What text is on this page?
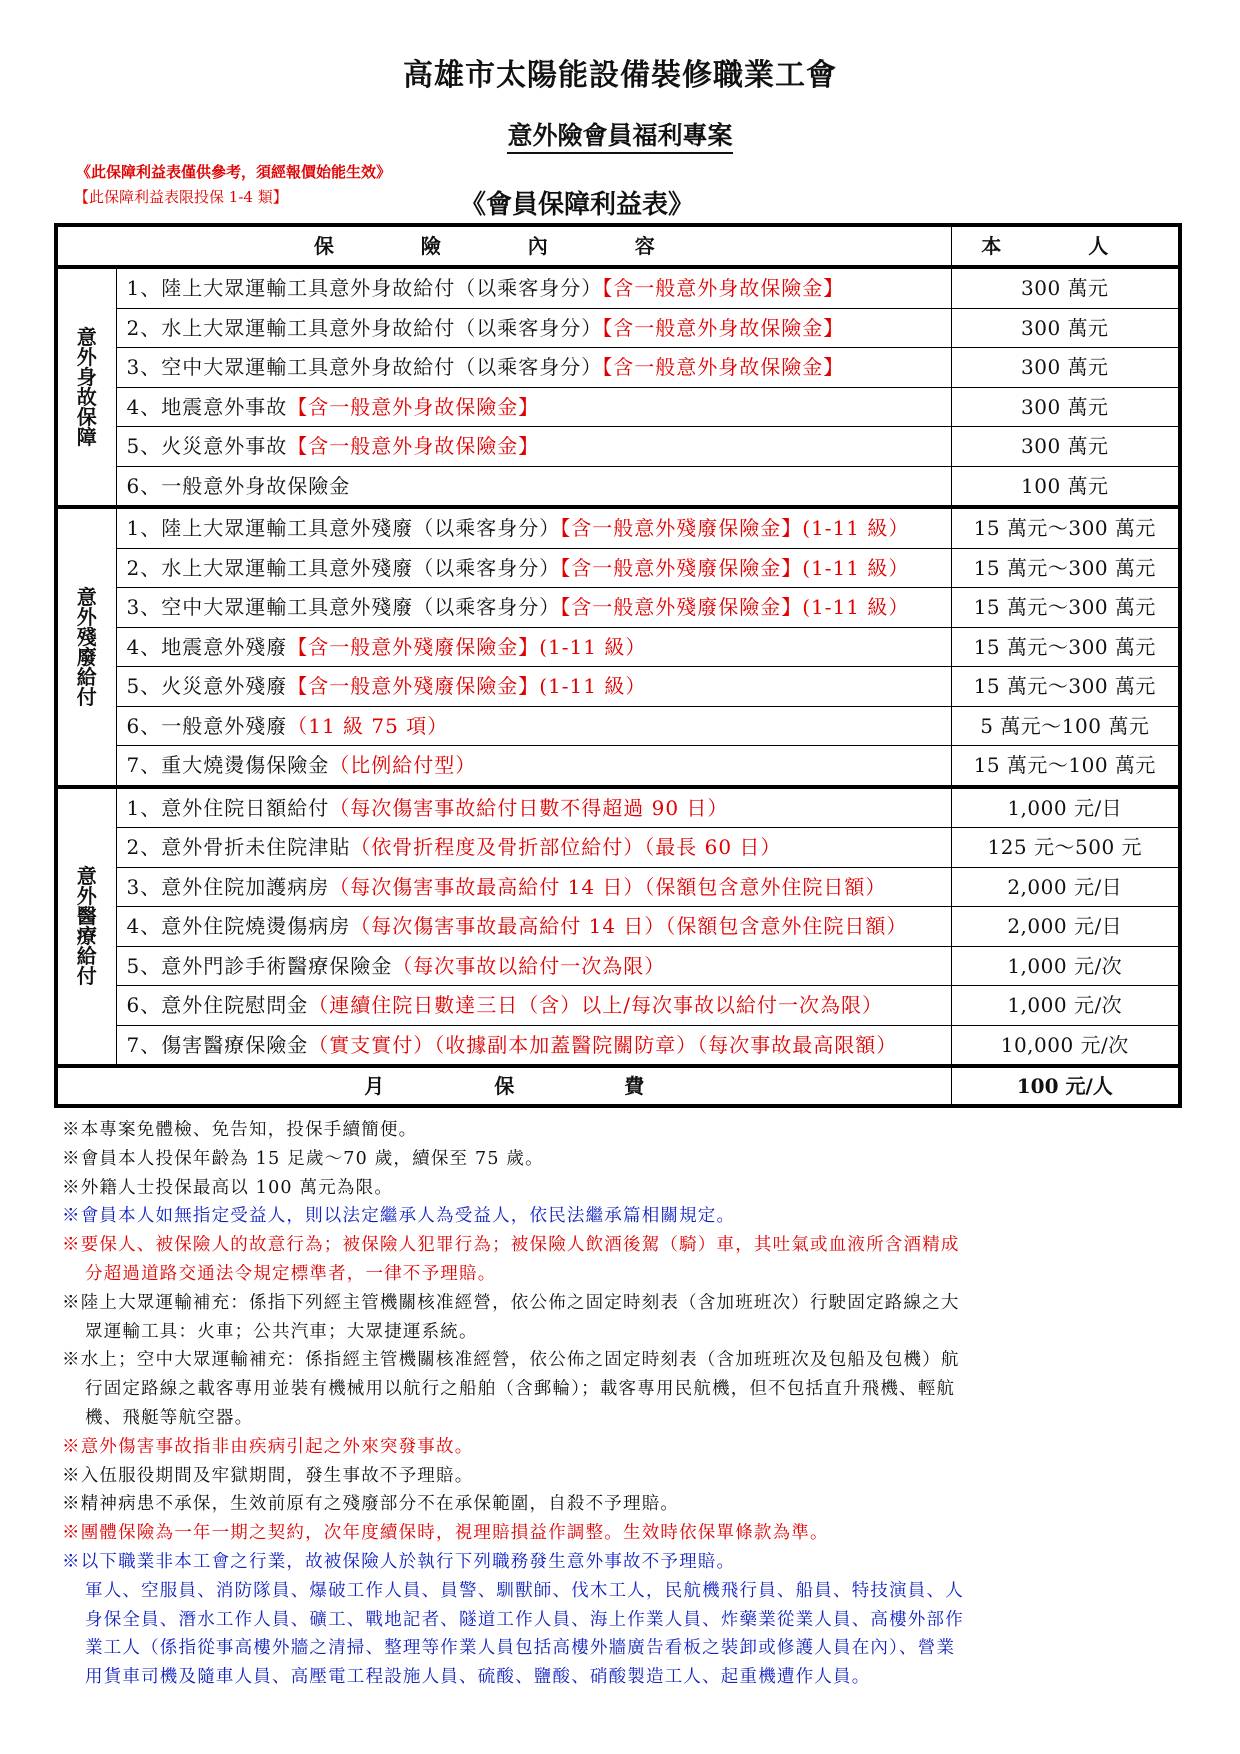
高雄市太陽能設備裝修職業工會
意外險會員福利專案
《此保障利益表僅供參考，須經報價始能生效》
【此保障利益表限投保 1-4 類】	《會員保障利益表》
保 險 內 容		本 人

意外身故保障	1、陸上大眾運輸工具意外身故給付（以乘客身分）【含一般意外身故保險金】	300 萬元
	2、水上大眾運輸工具意外身故給付（以乘客身分）【含一般意外身故保險金】	300 萬元
	3、空中大眾運輸工具意外身故給付（以乘客身分）【含一般意外身故保險金】	300 萬元
	4、地震意外事故【含一般意外身故保險金】	300 萬元
	5、火災意外事故【含一般意外身故保險金】	300 萬元
	6、一般意外身故保險金	100 萬元

意外殘廢給付	1、陸上大眾運輸工具意外殘廢（以乘客身分）【含一般意外殘廢保險金】(1-11 級）	15 萬元～300 萬元
	2、水上大眾運輸工具意外殘廢（以乘客身分）【含一般意外殘廢保險金】(1-11 級）	15 萬元～300 萬元
	3、空中大眾運輸工具意外殘廢（以乘客身分）【含一般意外殘廢保險金】(1-11 級）	15 萬元～300 萬元
	4、地震意外殘廢【含一般意外殘廢保險金】(1-11 級）	15 萬元～300 萬元
	5、火災意外殘廢【含一般意外殘廢保險金】(1-11 級）	15 萬元～300 萬元
	6、一般意外殘廢（11 級 75 項）	5 萬元～100 萬元
	7、重大燒燙傷保險金（比例給付型）	15 萬元～100 萬元

意外醫療給付	1、意外住院日額給付（每次傷害事故給付日數不得超過 90 日）	1,000 元/日
	2、意外骨折未住院津貼（依骨折程度及骨折部位給付）（最長 60 日）	125 元～500 元
	3、意外住院加護病房（每次傷害事故最高給付 14 日）（保額包含意外住院日額）	2,000 元/日
	4、意外住院燒燙傷病房（每次傷害事故最高給付 14 日）（保額包含意外住院日額）	2,000 元/日
	5、意外門診手術醫療保險金（每次事故以給付一次為限）	1,000 元/次
	6、意外住院慰問金（連續住院日數達三日（含）以上/每次事故以給付一次為限）	1,000 元/次
	7、傷害醫療保險金（實支實付）（收據副本加蓋醫院關防章）（每次事故最高限額）	10,000 元/次
月保費		100 元/人

※本專案免體檢、免告知，投保手續簡便。

※會員本人投保年齡為 15 足歲～70 歲，續保至 75 歲。

※外籍人士投保最高以 100 萬元為限。

※會員本人如無指定受益人，則以法定繼承人為受益人，依民法繼承篇相關規定。

※要保人、被保險人的故意行為；被保險人犯罪行為；被保險人飲酒後駕（騎）車，其吐氣或血液所含酒精成
分超過道路交通法令規定標準者，一律不予理賠。

※陸上大眾運輸補充：係指下列經主管機關核准經營，依公佈之固定時刻表（含加班班次）行駛固定路線之大
眾運輸工具：火車；公共汽車；大眾捷運系統。

※水上；空中大眾運輸補充：係指經主管機關核准經營，依公佈之固定時刻表（含加班班次及包船及包機）航
行固定路線之載客專用並裝有機械用以航行之船舶（含郵輪）；載客專用民航機，但不包括直升飛機、輕航
機、飛艇等航空器。

※意外傷害事故指非由疾病引起之外來突發事故。

※入伍服役期間及牢獄期間，發生事故不予理賠。

※精神病患不承保，生效前原有之殘廢部分不在承保範圍，自殺不予理賠。

※團體保險為一年一期之契約，次年度續保時，視理賠損益作調整。生效時依保單條款為準。

※以下職業非本工會之行業，故被保險人於執行下列職務發生意外事故不予理賠。
軍人、空服員、消防隊員、爆破工作人員、員警、馴獸師、伐木工人，民航機飛行員、船員、特技演員、人
身保全員、潛水工作人員、礦工、戰地記者、隧道工作人員、海上作業人員、炸藥業從業人員、高樓外部作
業工人（係指從事高樓外牆之清掃、整理等作業人員包括高樓外牆廣告看板之裝卸或修護人員在內）、營業
用貨車司機及隨車人員、高壓電工程設施人員、硫酸、鹽酸、硝酸製造工人、起重機遭作人員。
